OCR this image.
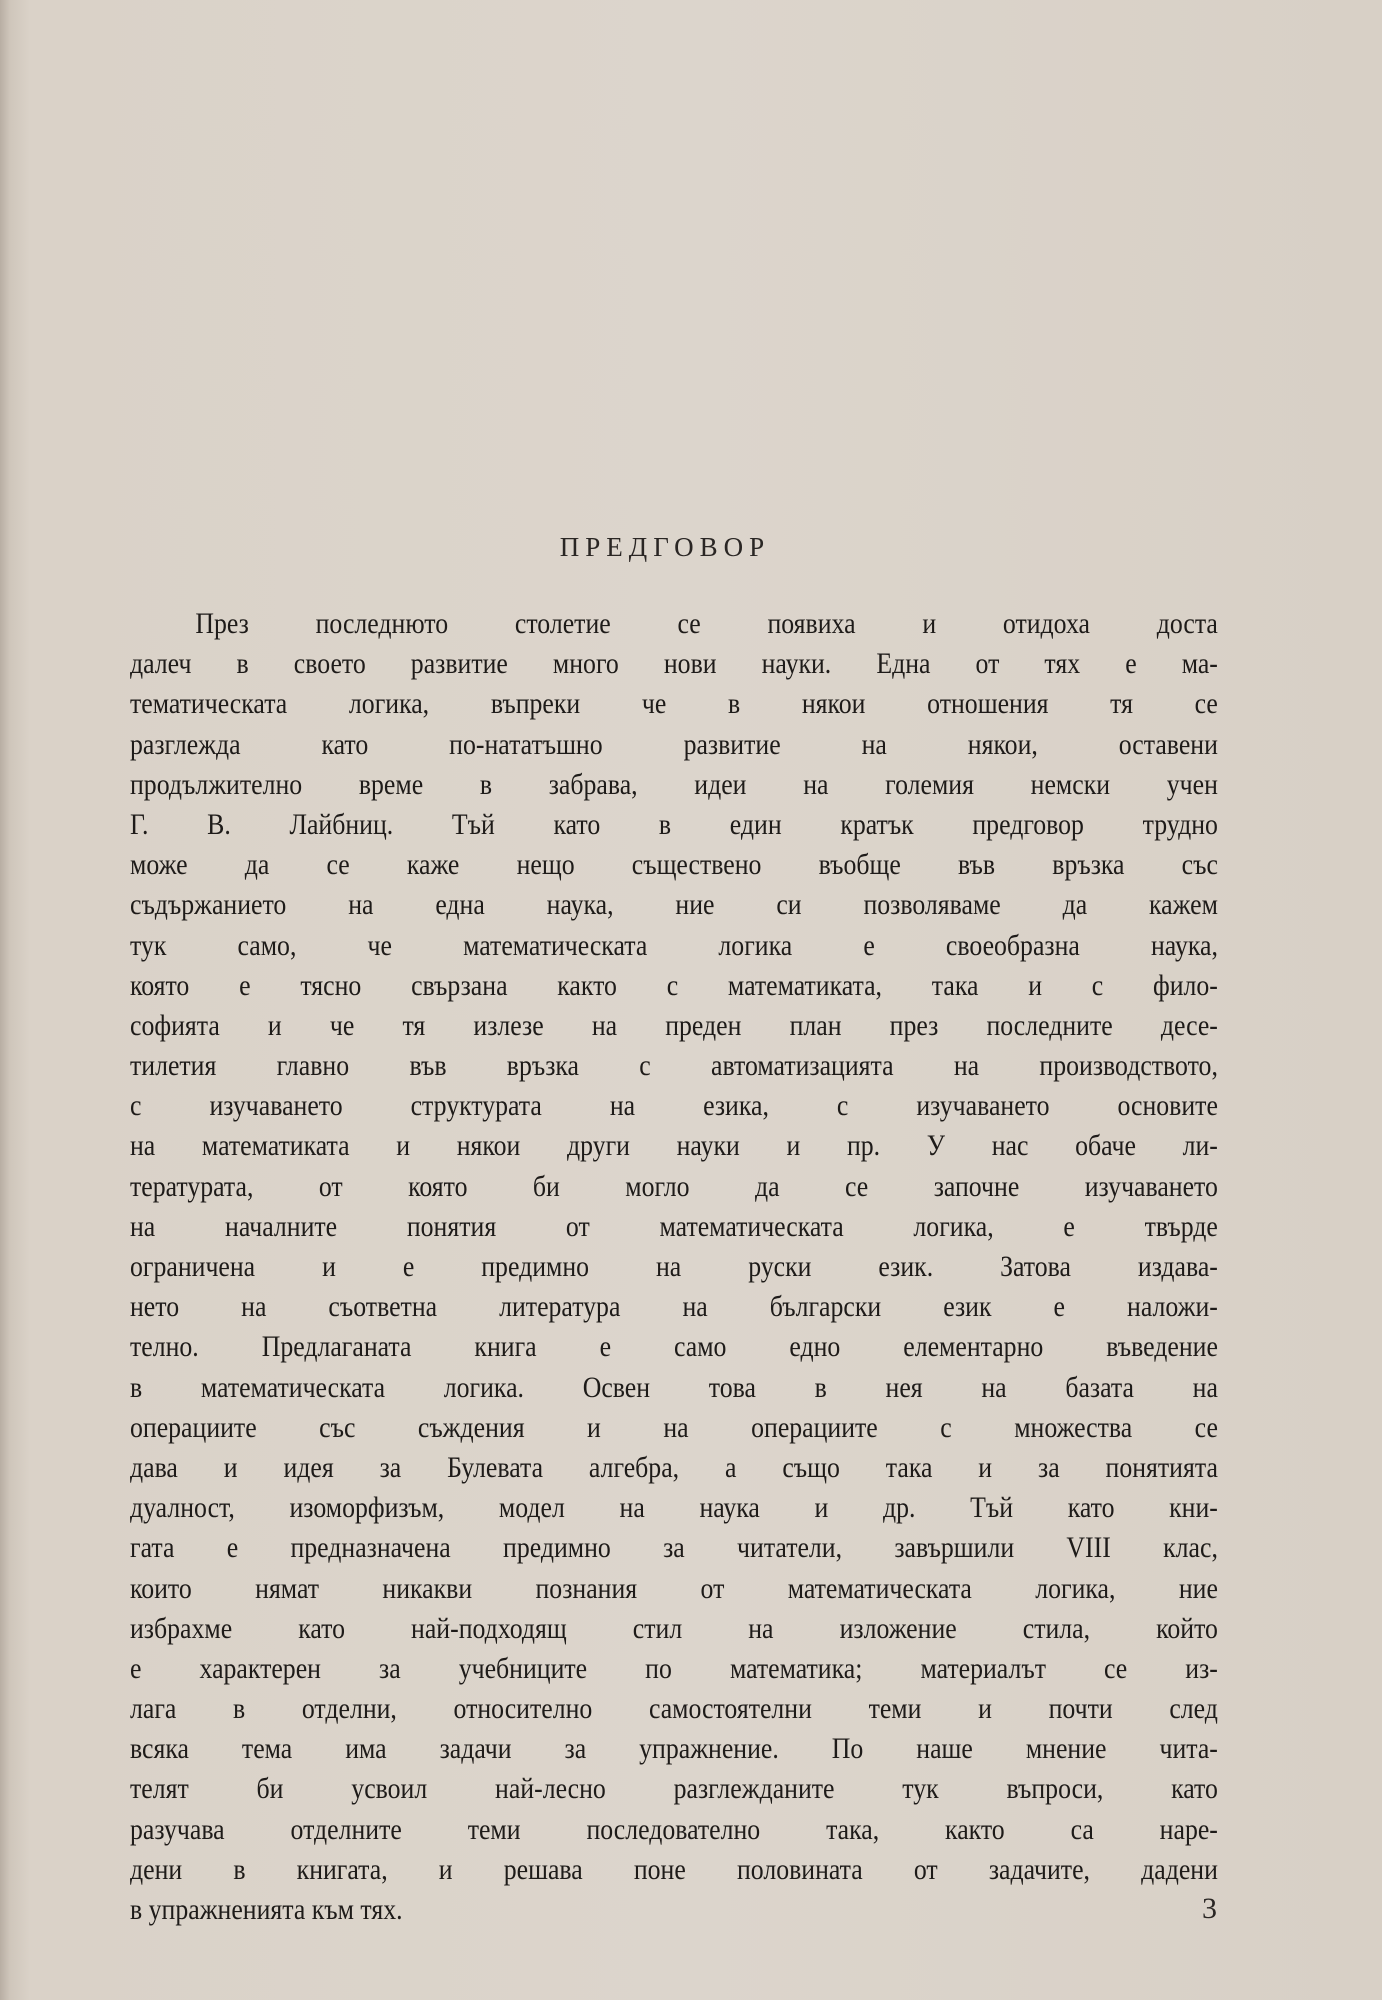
ПРЕДГОВОР
През последнюто столетие се появиха и отидоха доста
далеч в своето развитие много нови науки. Една от тях е ма-
тематическата логика, въпреки че в някои отношения тя се
разглежда като по-нататъшно развитие на някои, оставени
продължително време в забрава, идеи на големия немски учен
Г. В. Лайбниц. Тъй като в един кратък предговор трудно
може да се каже нещо съществено въобще във връзка със
съдържанието на една наука, ние си позволяваме да кажем
тук само, че математическата логика е своеобразна наука,
която е тясно свързана както с математиката, така и с фило-
софията и че тя излезе на преден план през последните десе-
тилетия главно във връзка с автоматизацията на производството,
с изучаването структурата на езика, с изучаването основите
на математиката и някои други науки и пр. У нас обаче ли-
тературата, от която би могло да се започне изучаването
на началните понятия от математическата логика, е твърде
ограничена и е предимно на руски език. Затова издава-
нето на съответна литература на български език е наложи-
телно. Предлаганата книга е само едно елементарно въведение
в математическата логика. Освен това в нея на базата на
операциите със съждения и на операциите с множества се
дава и идея за Булевата алгебра, а също така и за понятията
дуалност, изоморфизъм, модел на наука и др. Тъй като кни-
гата е предназначена предимно за читатели, завършили VIII клас,
които нямат никакви познания от математическата логика, ние
избрахме като най-подходящ стил на изложение стила, който
е характерен за учебниците по математика; материалът се из-
лага в отделни, относително самостоятелни теми и почти след
всяка тема има задачи за упражнение. По наше мнение чита-
телят би усвоил най-лесно разглежданите тук въпроси, като
разучава отделните теми последователно така, както са наре-
дени в книгата, и решава поне половината от задачите, дадени
в упражненията към тях.	3
